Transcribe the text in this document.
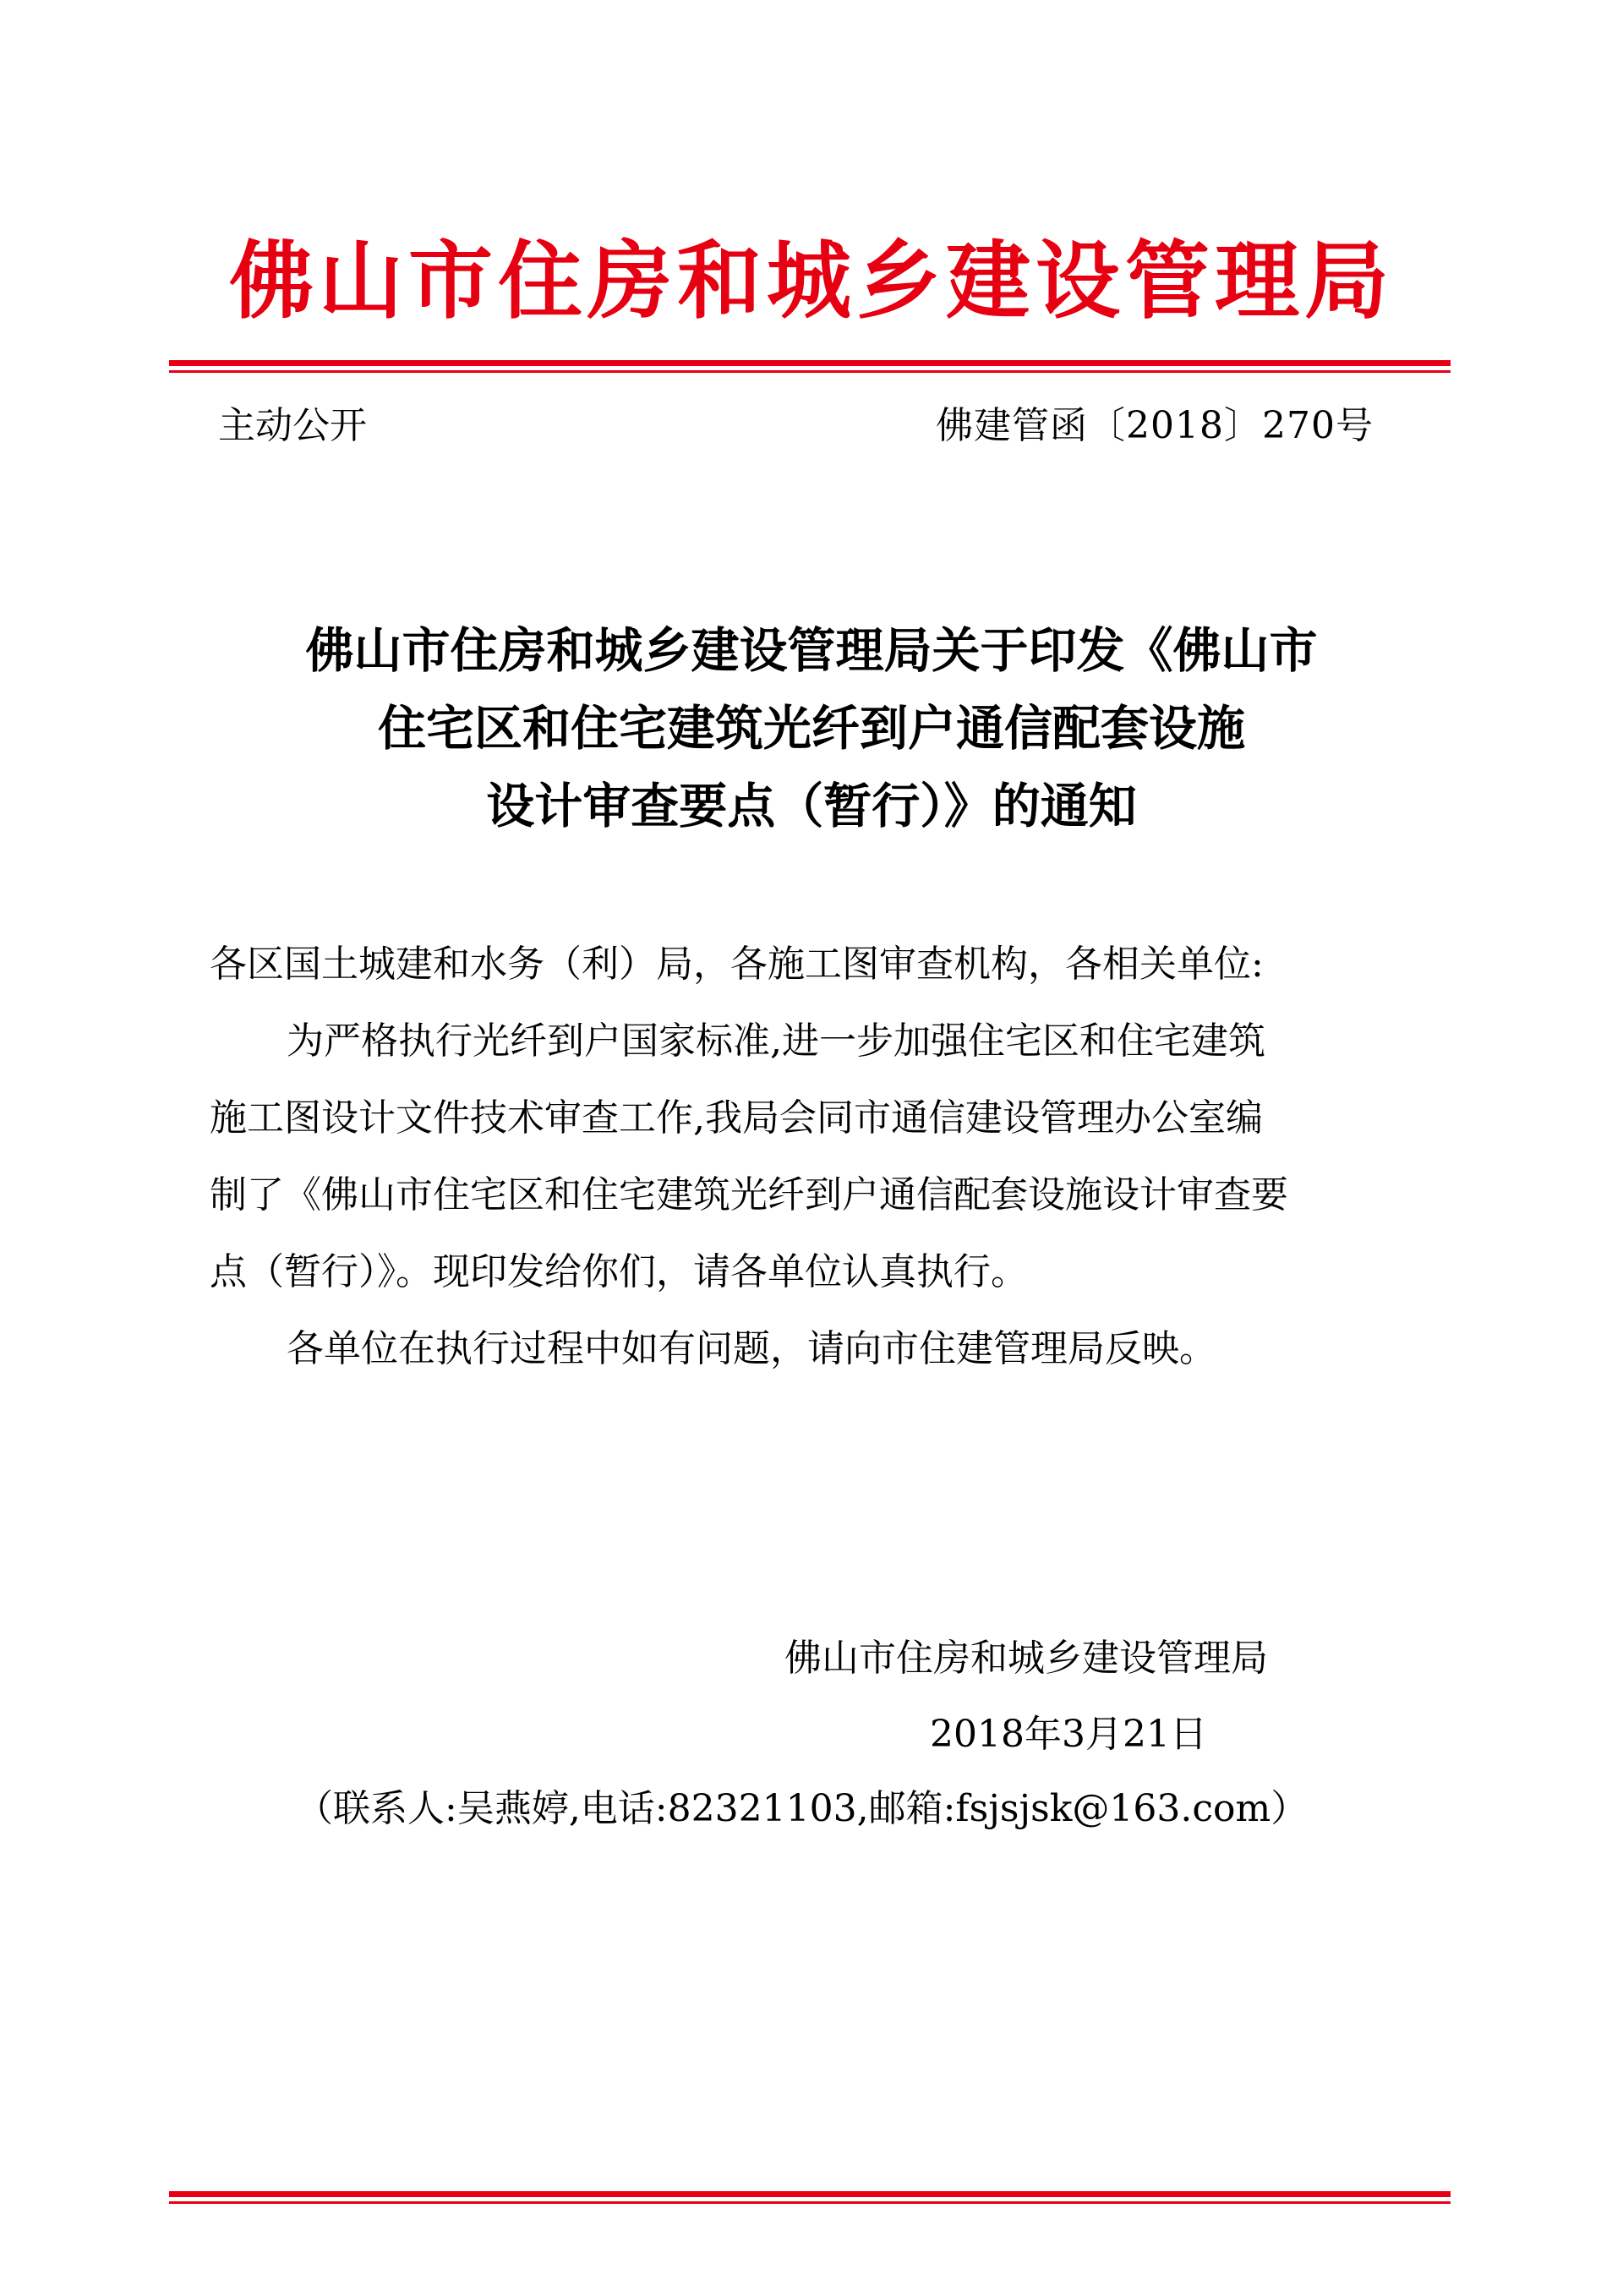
佛山市住房和城乡建设管理局
主动公开	佛建管函〔2018〕270号
佛山市住房和城乡建设管理局关于印发《佛山市
住宅区和住宅建筑光纤到户通信配套设施
设计审查要点（暂行）》的通知
各区国土城建和水务（利）局，各施工图审查机构，各相关单位:
为严格执行光纤到户国家标准,进一步加强住宅区和住宅建筑
施工图设计文件技术审查工作,我局会同市通信建设管理办公室编
制了《佛山市住宅区和住宅建筑光纤到户通信配套设施设计审查要
点（暂行）》。现印发给你们，请各单位认真执行。
各单位在执行过程中如有问题，请向市住建管理局反映。
佛山市住房和城乡建设管理局
2018年3月21日
（联系人:吴燕婷,电话:82321103,邮箱:fsjsjsk@163.com）
